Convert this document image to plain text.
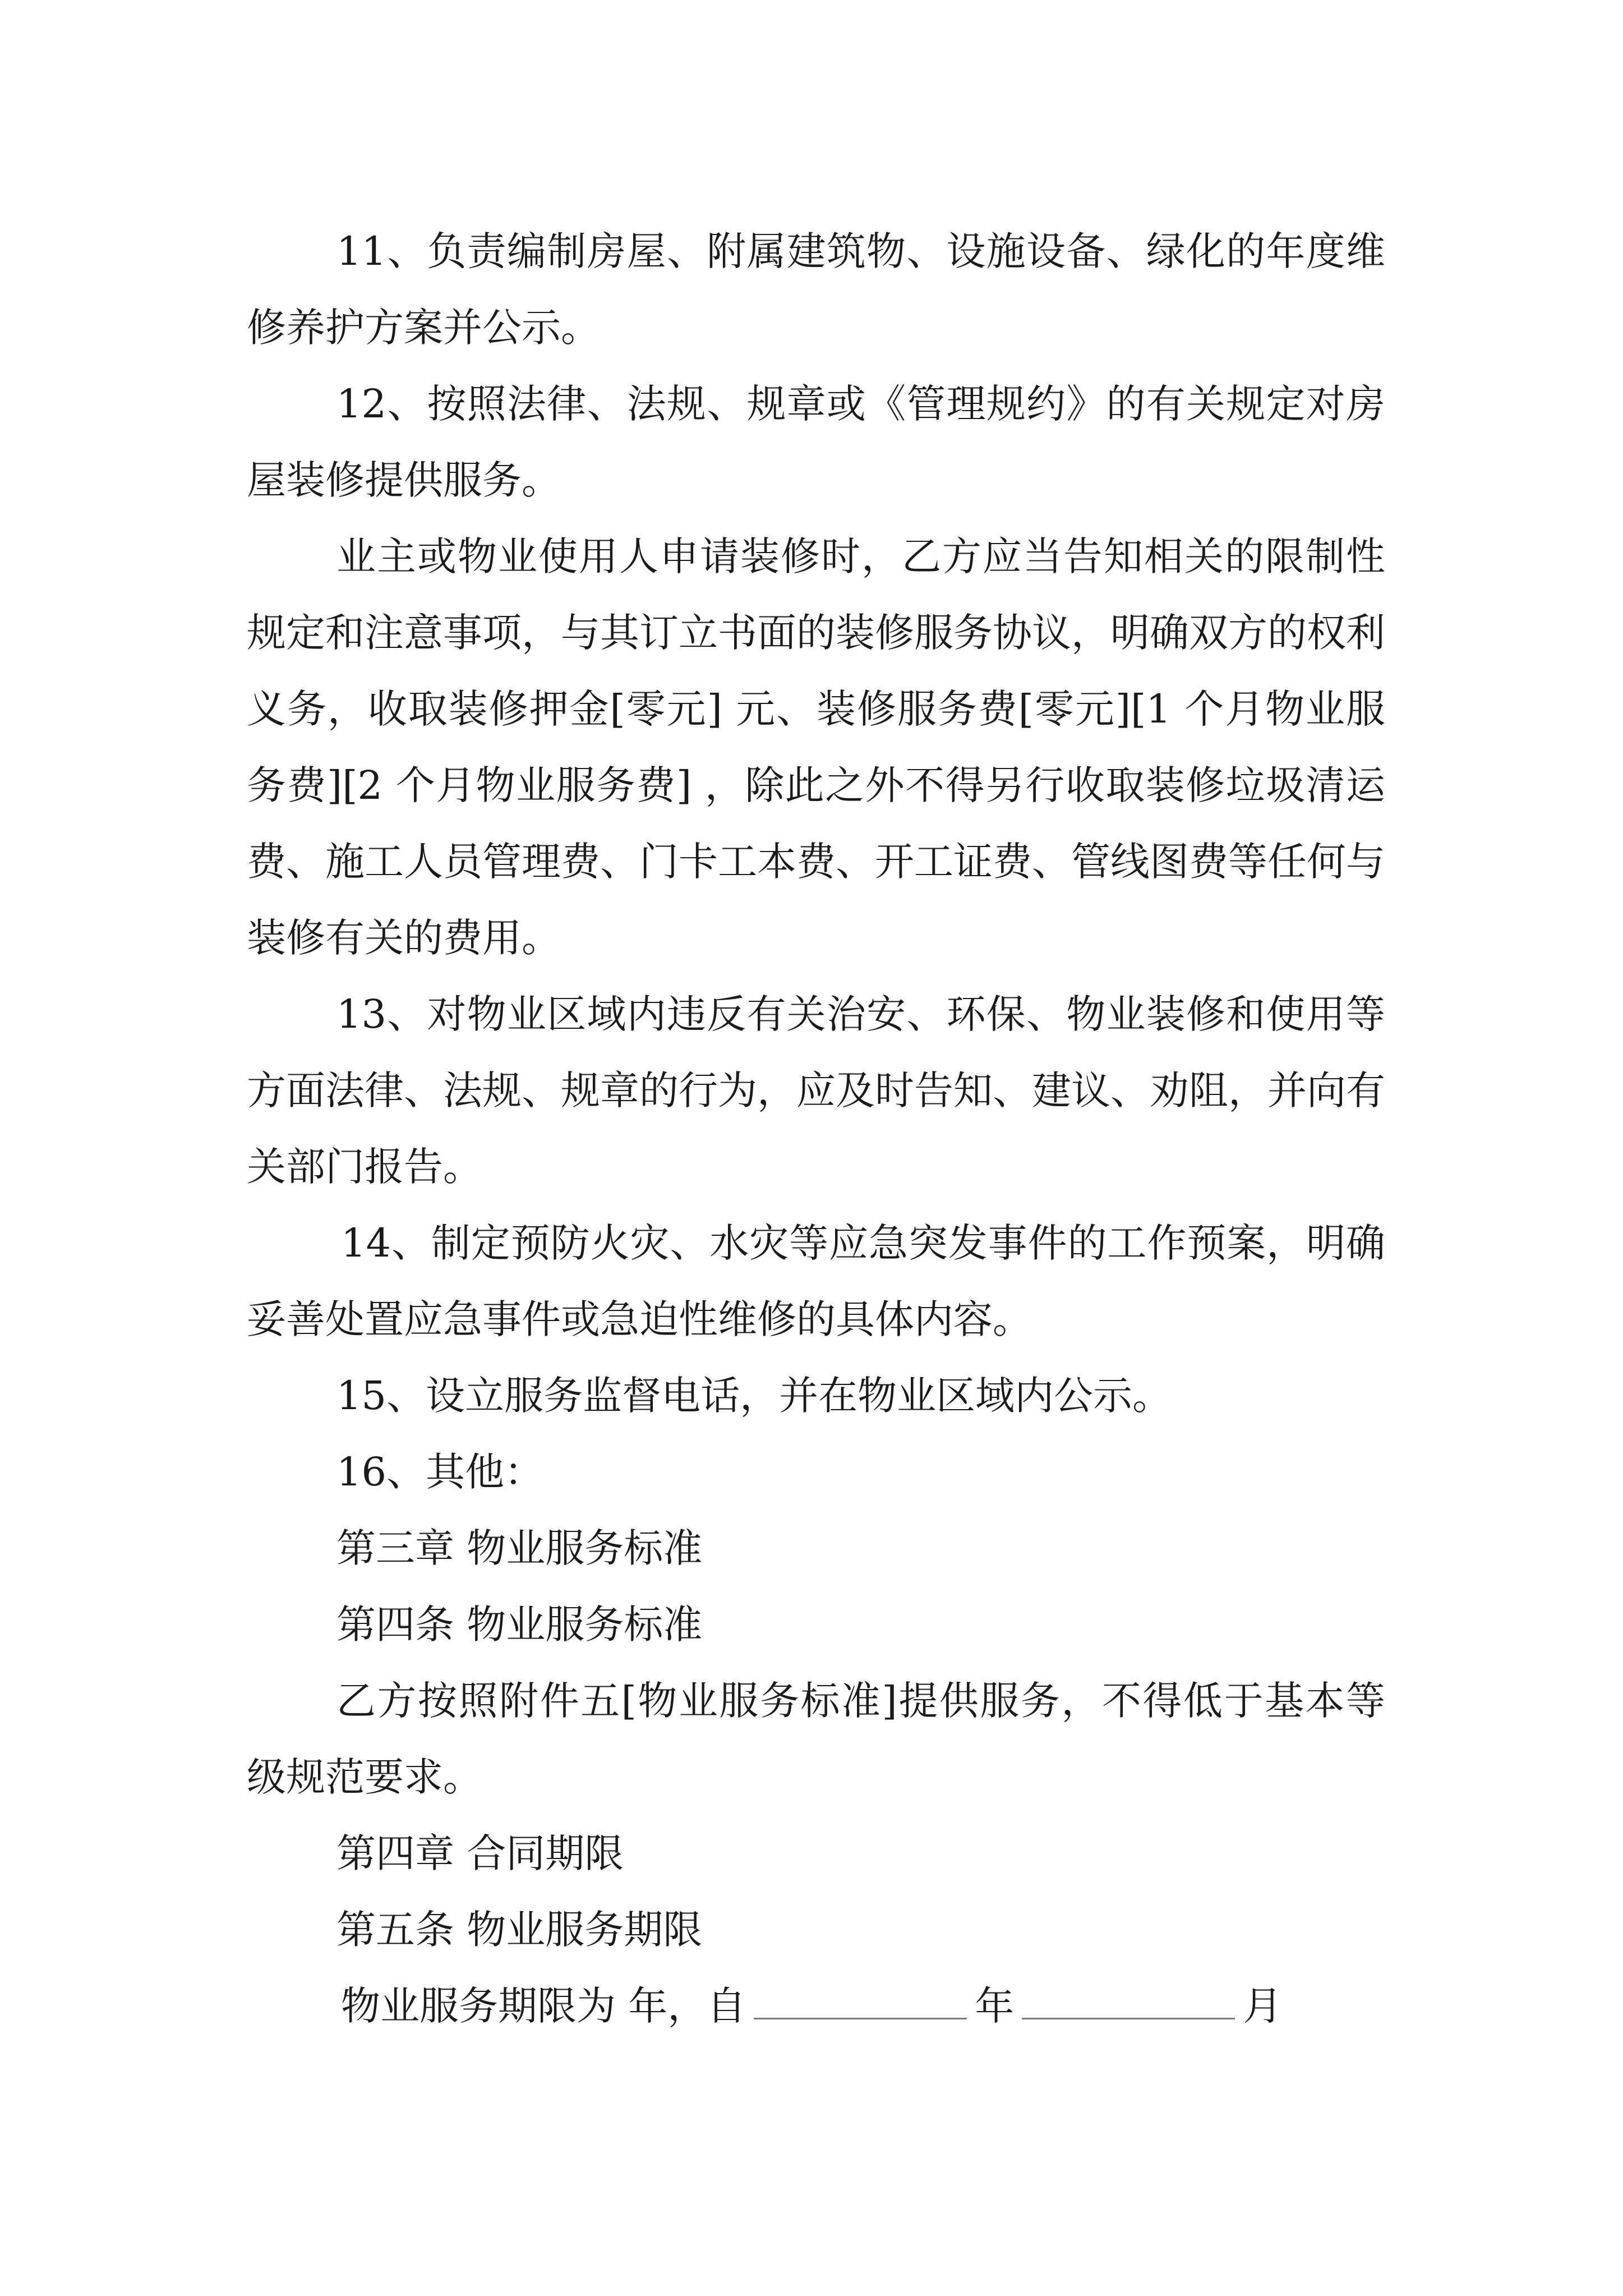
11、负责编制房屋、附属建筑物、设施设备、绿化的年度维修养护方案并公示。

12、按照法律、法规、规章或《管理规约》的有关规定对房屋装修提供服务。

业主或物业使用人申请装修时，乙方应当告知相关的限制性规定和注意事项，与其订立书面的装修服务协议，明确双方的权利义务，收取装修押金[零元] 元、装修服务费[零元][1 个月物业服务费][2 个月物业服务费] ，除此之外不得另行收取装修垃圾清运费、施工人员管理费、门卡工本费、开工证费、管线图费等任何与装修有关的费用。

13、对物业区域内违反有关治安、环保、物业装修和使用等方面法律、法规、规章的行为，应及时告知、建议、劝阻，并向有关部门报告。

14、制定预防火灾、水灾等应急突发事件的工作预案，明确妥善处置应急事件或急迫性维修的具体内容。

15、设立服务监督电话，并在物业区域内公示。

16、其他：

第三章 物业服务标准

第四条 物业服务标准

乙方按照附件五[物业服务标准]提供服务，不得低于基本等级规范要求。

第四章 合同期限

第五条 物业服务期限

物业服务期限为 年，自	年	月
